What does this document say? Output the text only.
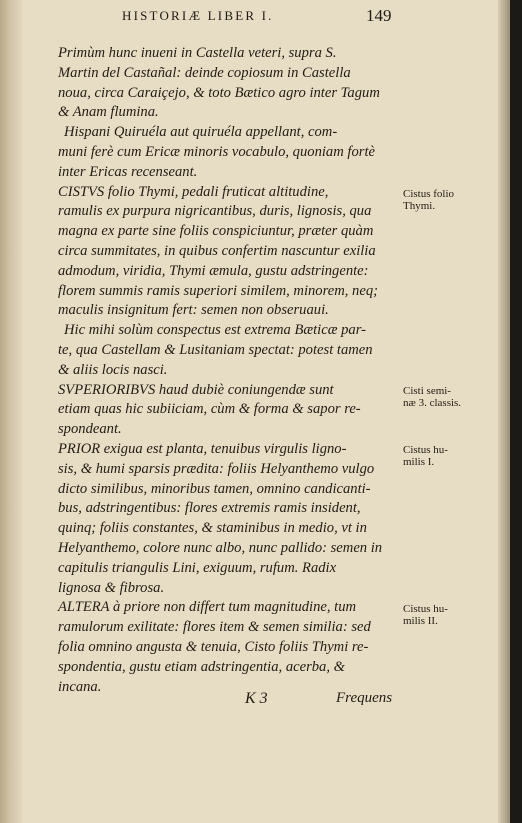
HISTORIÆ LIBER I.	149
Primùm hunc inueni in Castella veteri, supra S.
Martin del Castañal: deinde copiosum in Castella
noua, circa Caraiçejo, & toto Bætico agro inter Tagum
& Anam flumina.
Hispani Quiruéla aut quiruéla appellant, com-
muni ferè cum Ericæ minoris vocabulo, quoniam fortè
inter Ericas recenseant.
CISTVS folio Thymi, pedali fruticat altitudine,
ramulis ex purpura nigricantibus, duris, lignosis, qua
magna ex parte sine foliis conspiciuntur, præter quàm
circa summitates, in quibus confertim nascuntur exilia
admodum, viridia, Thymi æmula, gustu adstringente:
florem summis ramis superiori similem, minorem, neq;
maculis insignitum fert: semen non obseruaui.
Hic mihi solùm conspectus est extrema Bæticæ par-
te, qua Castellam & Lusitaniam spectat: potest tamen
& aliis locis nasci.
SVPERIORIBVS haud dubiè coniungendæ sunt
etiam quas hic subiiciam, cùm & forma & sapor re-
spondeant.
PRIOR exigua est planta, tenuibus virgulis ligno-
sis, & humi sparsis prædita: foliis Helyanthemo vulgo
dicto similibus, minoribus tamen, omnino candicanti-
bus, adstringentibus: flores extremis ramis insident,
quinq; foliis constantes, & staminibus in medio, vt in
Helyanthemo, colore nunc albo, nunc pallido: semen in
capitulis triangulis Lini, exiguum, rufum. Radix
lignosa & fibrosa.
ALTERA à priore non differt tum magnitudine, tum
ramulorum exilitate: flores item & semen similia: sed
folia omnino angusta & tenuia, Cisto foliis Thymi re-
spondentia, gustu etiam adstringentia, acerba, &
incana.
Cistus folio
Thymi.
Cisti semi-
næ 3. classis.
Cistus hu-
milis I.
Cistus hu-
milis II.
K 3	Frequens
